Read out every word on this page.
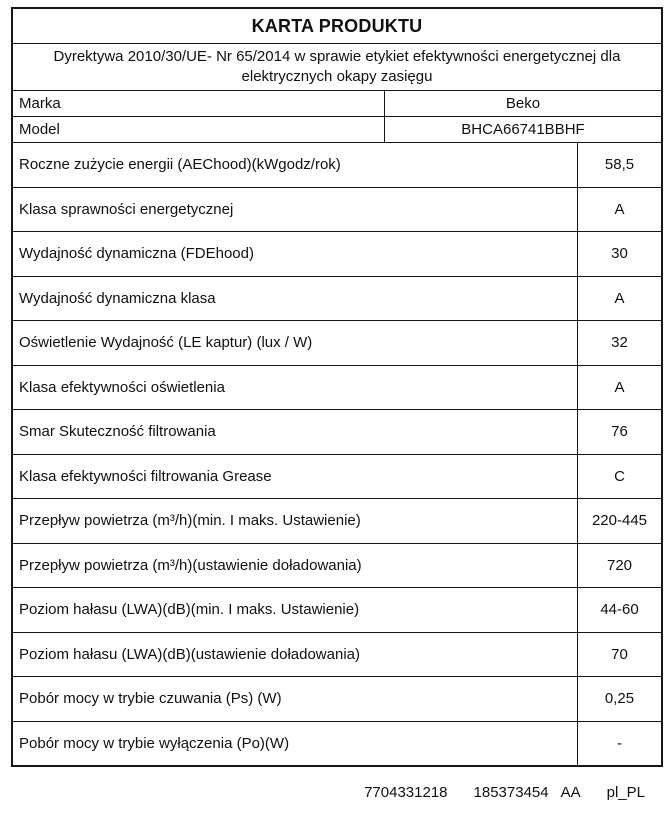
KARTA PRODUKTU
Dyrektywa 2010/30/UE- Nr 65/2014 w sprawie etykiet efektywności energetycznej dla elektrycznych okapy zasięgu
Marka	Beko
Model	BHCA66741BBHF
Roczne zużycie energii (AEChood)(kWgodz/rok)	58,5
Klasa sprawności energetycznej	A
Wydajność dynamiczna (FDEhood)	30
Wydajność dynamiczna klasa	A
Oświetlenie Wydajność (LE kaptur) (lux / W)	32
Klasa efektywności oświetlenia	A
Smar Skuteczność filtrowania	76
Klasa efektywności filtrowania Grease	C
Przepływ powietrza (m³/h)(min. I maks. Ustawienie)	220-445
Przepływ powietrza (m³/h)(ustawienie doładowania)	720
Poziom hałasu (LWA)(dB)(min. I maks. Ustawienie)	44-60
Poziom hałasu (LWA)(dB)(ustawienie doładowania)	70
Pobór mocy w trybie czuwania (Ps) (W)	0,25
Pobór mocy w trybie wyłączenia (Po)(W)	-
7704331218 185373454 AA pl_PL
